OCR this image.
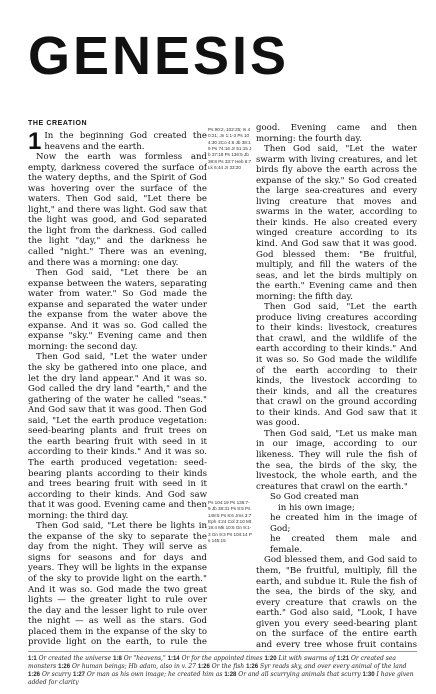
GENESIS
THE CREATION

1 In the beginning God created the heavens and the earth.

Now the earth was formless and empty, darkness covered the surface of the watery depths, and the Spirit of God was hovering over the surface of the waters. Then God said, "Let there be light," and there was light. God saw that the light was good, and God separated the light from the darkness. God called the light "day," and the darkness he called "night." There was an evening, and there was a morning: one day.

Then God said, "Let there be an expanse between the waters, separating water from water." So God made the expanse and separated the water under the expanse from the water above the expanse. And it was so. God called the expanse "sky." Evening came and then morning: the second day.

Then God said, "Let the water under the sky be gathered into one place, and let the dry land appear." And it was so. God called the dry land "earth," and the gathering of the water he called "seas." And God saw that it was good. Then God said, "Let the earth produce vegetation: seed-bearing plants and fruit trees on the earth bearing fruit with seed in it according to their kinds." And it was so. The earth produced vegetation: seed-bearing plants according to their kinds and trees bearing fruit with seed in it according to their kinds. And God saw that it was good. Evening came and then morning: the third day.

Then God said, "Let there be lights in the expanse of the sky to separate the day from the night. They will serve as signs for seasons and for days and years. They will be lights in the expanse of the sky to provide light on the earth." And it was so. God made the two great lights — the greater light to rule over the day and the lesser light to rule over the night — as well as the stars. God placed them in the expanse of the sky to provide light on the earth, to rule the

Ps 90:2, 102:25; Is 40:21; Jn 1:1-3 Ps 104:30 2Co 4:6 Jb 38:19 Ps 74:16 Jr 51:15 Jb 37:18 Ps 136:5 Jb 38:8 Ps 33:7 Heb 6:7 Lk 6:44 Jr 33:20
Ps 104:19 Ps 136:7-9 Jb 38:31 Ps 8:5 Ps 148:5 Ps 8:6 Jms 3:7 Eph 4:24 Col 3:10 Mt 19:4 Mk 10:6 Gn 9:1-3 Gn 9:3 Ps 104:14 Ps 145:15

good. Evening came and then morning: the fourth day.

Then God said, "Let the water swarm with living creatures, and let birds fly above the earth across the expanse of the sky." So God created the large sea-creatures and every living creature that moves and swarms in the water, according to their kinds. He also created every winged creature according to its kind. And God saw that it was good. God blessed them: "Be fruitful, multiply, and fill the waters of the seas, and let the birds multiply on the earth." Evening came and then morning: the fifth day.

Then God said, "Let the earth produce living creatures according to their kinds: livestock, creatures that crawl, and the wildlife of the earth according to their kinds." And it was so. So God made the wildlife of the earth according to their kinds, the livestock according to their kinds, and all the creatures that crawl on the ground according to their kinds. And God saw that it was good.

Then God said, "Let us make man in our image, according to our likeness. They will rule the fish of the sea, the birds of the sky, the livestock, the whole earth, and the creatures that crawl on the earth."

So God created man

in his own image;

he created him in the image of God;

he created them male and female.

God blessed them, and God said to them, "Be fruitful, multiply, fill the earth, and subdue it. Rule the fish of the sea, the birds of the sky, and every creature that crawls on the earth." God also said, "Look, I have given you every seed-bearing plant on the surface of the entire earth and every tree whose fruit contains

1:1 Or created the universe 1:8 Or "heavens," 1:14 Or for the appointed times 1:20 Lit with swarms of 1:21 Or created sea monsters 1:26 Or human beings; Hb adam, also in v. 27 1:26 Or the fish 1:26 Syr reads sky, and over every animal of the land 1:26 Or scurry 1:27 Or man as his own image; he created him as 1:28 Or and all scurrying animals that scurry 1:30 I have given added for clarity
